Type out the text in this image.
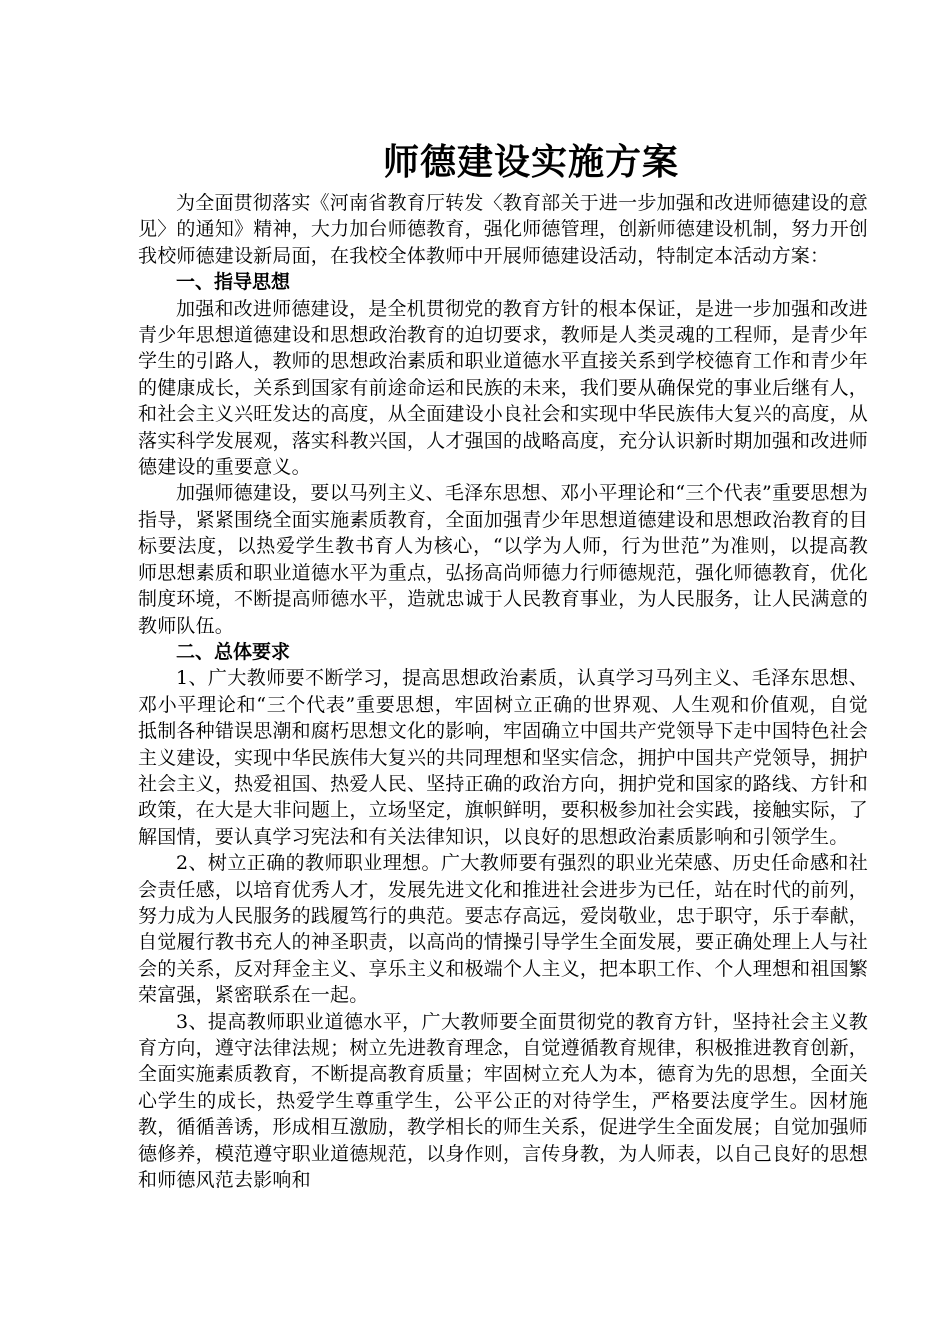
师德建设实施方案

为全面贯彻落实《河南省教育厅转发〈教育部关于进一步加强和改进师德建设的意见〉的通知》精神，大力加台师德教育，强化师德管理，创新师德建设机制，努力开创我校师德建设新局面，在我校全体教师中开展师德建设活动，特制定本活动方案：

一、指导思想

加强和改进师德建设，是全机贯彻党的教育方针的根本保证，是进一步加强和改进青少年思想道德建设和思想政治教育的迫切要求，教师是人类灵魂的工程师，是青少年学生的引路人，教师的思想政治素质和职业道德水平直接关系到学校德育工作和青少年的健康成长，关系到国家有前途命运和民族的未来，我们要从确保党的事业后继有人，和社会主义兴旺发达的高度，从全面建设小良社会和实现中华民族伟大复兴的高度，从落实科学发展观，落实科教兴国，人才强国的战略高度，充分认识新时期加强和改进师德建设的重要意义。

加强师德建设，要以马列主义、毛泽东思想、邓小平理论和“三个代表”重要思想为指导，紧紧围绕全面实施素质教育，全面加强青少年思想道德建设和思想政治教育的目标要法度，以热爱学生教书育人为核心，“以学为人师，行为世范”为准则，以提高教师思想素质和职业道德水平为重点，弘扬高尚师德力行师德规范，强化师德教育，优化制度环境，不断提高师德水平，造就忠诚于人民教育事业，为人民服务，让人民满意的教师队伍。

二、总体要求

1、广大教师要不断学习，提高思想政治素质，认真学习马列主义、毛泽东思想、邓小平理论和“三个代表”重要思想，牢固树立正确的世界观、人生观和价值观，自觉抵制各种错误思潮和腐朽思想文化的影响，牢固确立中国共产党领导下走中国特色社会主义建设，实现中华民族伟大复兴的共同理想和坚实信念，拥护中国共产党领导，拥护社会主义，热爱祖国、热爱人民、坚持正确的政治方向，拥护党和国家的路线、方针和政策，在大是大非问题上，立场坚定，旗帜鲜明，要积极参加社会实践，接触实际，了解国情，要认真学习宪法和有关法律知识，以良好的思想政治素质影响和引领学生。

2、树立正确的教师职业理想。广大教师要有强烈的职业光荣感、历史任命感和社会责任感，以培育优秀人才，发展先进文化和推进社会进步为已任，站在时代的前列，努力成为人民服务的践履笃行的典范。要志存高远，爱岗敬业，忠于职守，乐于奉献，自觉履行教书充人的神圣职责，以高尚的情操引导学生全面发展，要正确处理上人与社会的关系，反对拜金主义、享乐主义和极端个人主义，把本职工作、个人理想和祖国繁荣富强，紧密联系在一起。

3、提高教师职业道德水平，广大教师要全面贯彻党的教育方针，坚持社会主义教育方向，遵守法律法规；树立先进教育理念，自觉遵循教育规律，积极推进教育创新，全面实施素质教育，不断提高教育质量；牢固树立充人为本，德育为先的思想，全面关心学生的成长，热爱学生尊重学生，公平公正的对待学生，严格要法度学生。因材施教，循循善诱，形成相互激励，教学相长的师生关系，促进学生全面发展；自觉加强师德修养，模范遵守职业道德规范，以身作则，言传身教，为人师表，以自己良好的思想和师德风范去影响和
